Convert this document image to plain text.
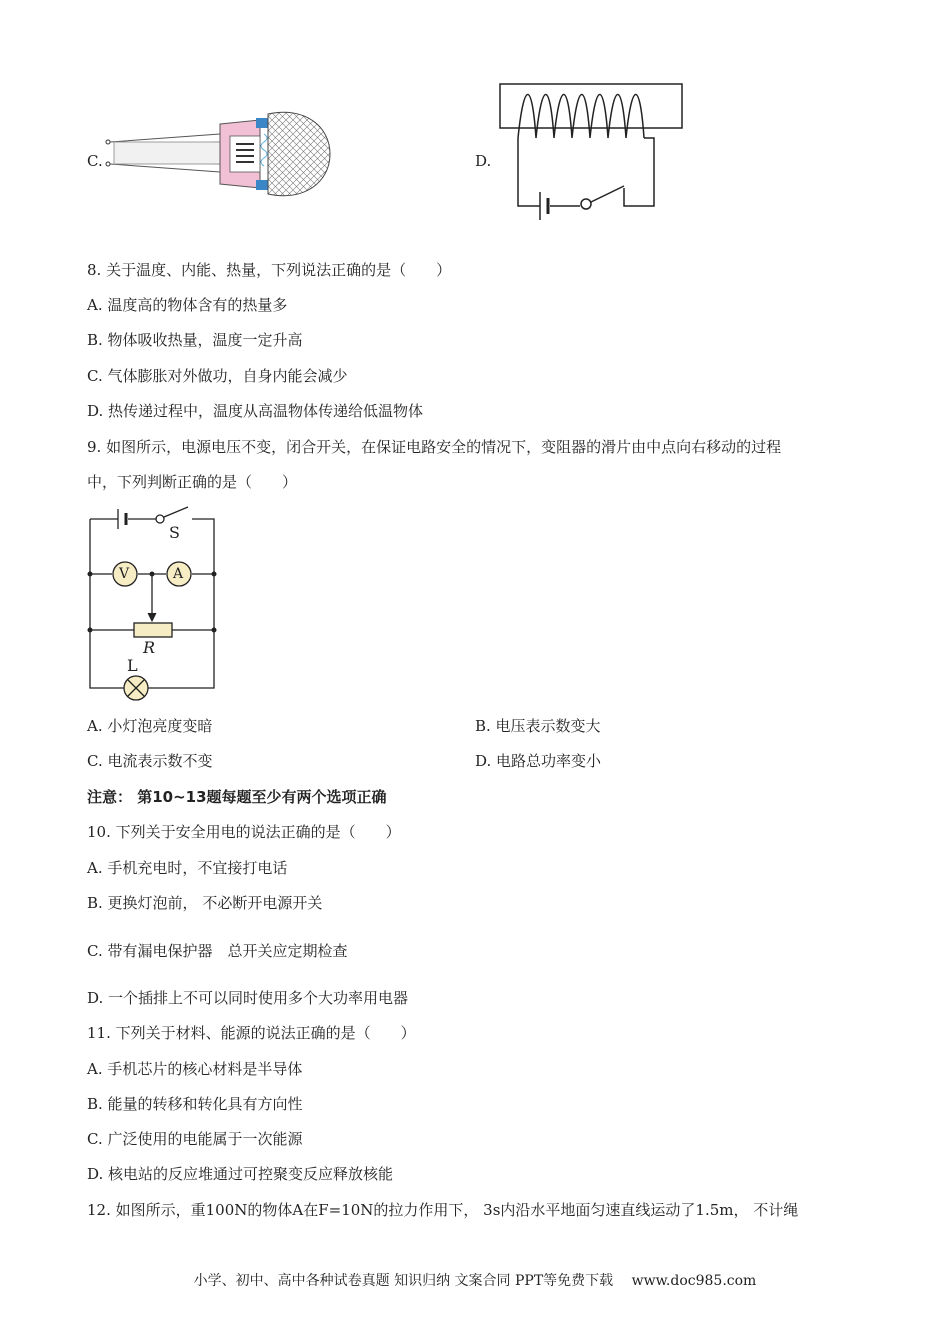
C.	D.
8. 关于温度、内能、热量，下列说法正确的是（　　）
A. 温度高的物体含有的热量多
B. 物体吸收热量，温度一定升高
C. 气体膨胀对外做功，自身内能会减少
D. 热传递过程中，温度从高温物体传递给低温物体
9. 如图所示，电源电压不变，闭合开关，在保证电路安全的情况下，变阻器的滑片由中点向右移动的过程
中，下列判断正确的是（　　）
S
V	A
R
L
A. 小灯泡亮度变暗	B. 电压表示数变大
C. 电流表示数不变	D. 电路总功率变小
注意： 第10~13题每题至少有两个选项正确
10. 下列关于安全用电的说法正确的是（　　）
A. 手机充电时，不宜接打电话
B. 更换灯泡前， 不必断开电源开关
C. 带有漏电保护器　总开关应定期检查
D. 一个插排上不可以同时使用多个大功率用电器
11. 下列关于材料、能源的说法正确的是（　　）
A. 手机芯片的核心材料是半导体
B. 能量的转移和转化具有方向性
C. 广泛使用的电能属于一次能源
D. 核电站的反应堆通过可控聚变反应释放核能
12. 如图所示，重100N的物体A在F=10N的拉力作用下， 3s内沿水平地面匀速直线运动了1.5m， 不计绳
小学、初中、高中各种试卷真题 知识归纳 文案合同 PPT等免费下载　 www.doc985.com
